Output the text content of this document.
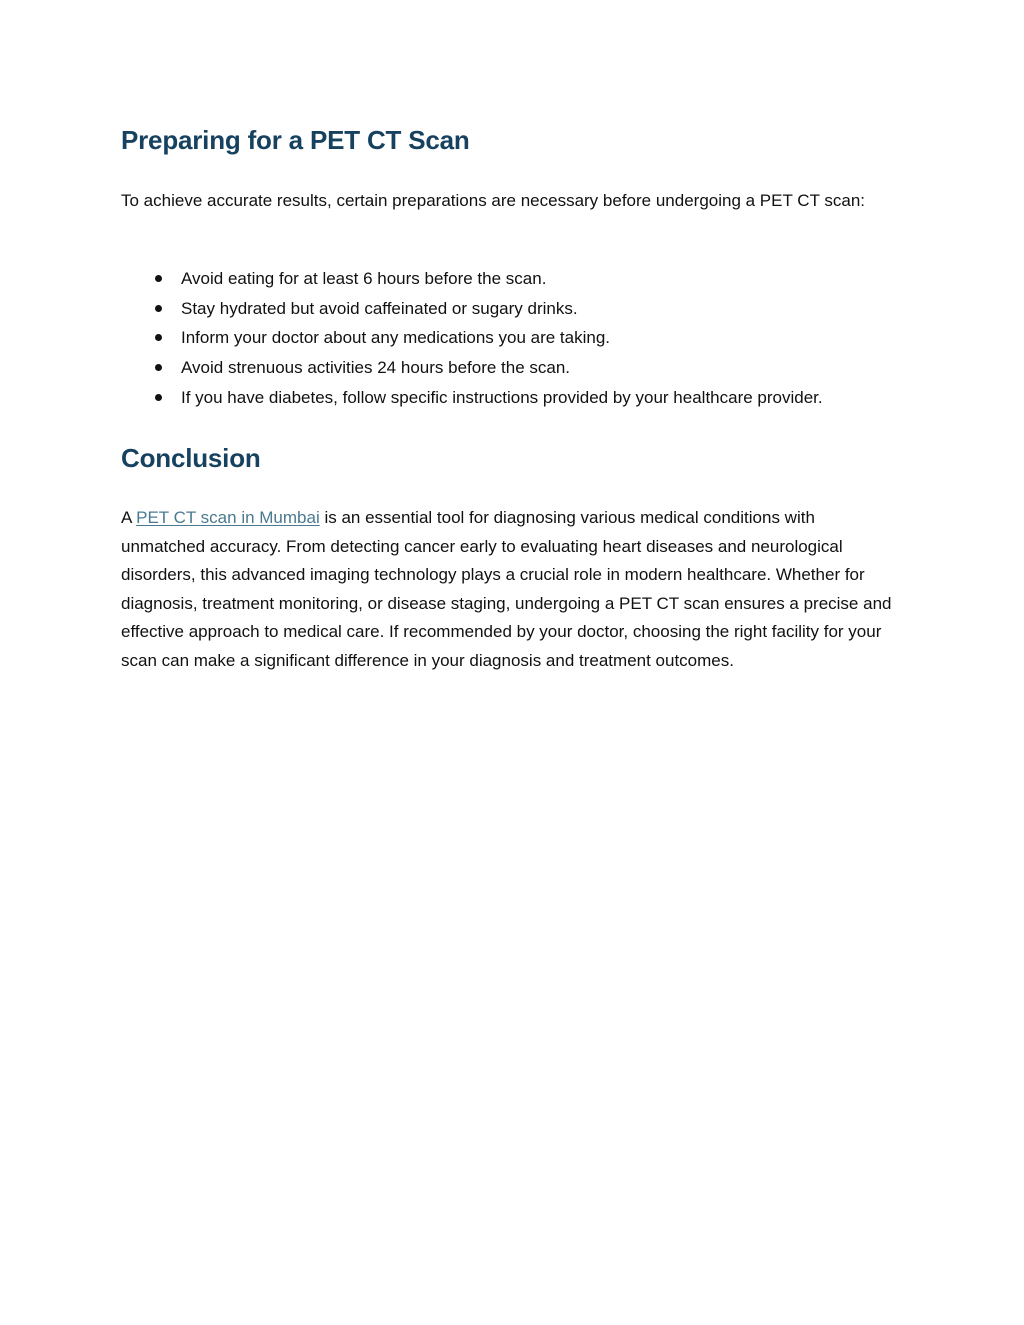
Preparing for a PET CT Scan

To achieve accurate results, certain preparations are necessary before undergoing a PET CT scan:

Avoid eating for at least 6 hours before the scan.
Stay hydrated but avoid caffeinated or sugary drinks.
Inform your doctor about any medications you are taking.
Avoid strenuous activities 24 hours before the scan.
If you have diabetes, follow specific instructions provided by your healthcare provider.
Conclusion

A PET CT scan in Mumbai is an essential tool for diagnosing various medical conditions with unmatched accuracy. From detecting cancer early to evaluating heart diseases and neurological disorders, this advanced imaging technology plays a crucial role in modern healthcare. Whether for diagnosis, treatment monitoring, or disease staging, undergoing a PET CT scan ensures a precise and effective approach to medical care. If recommended by your doctor, choosing the right facility for your scan can make a significant difference in your diagnosis and treatment outcomes.
